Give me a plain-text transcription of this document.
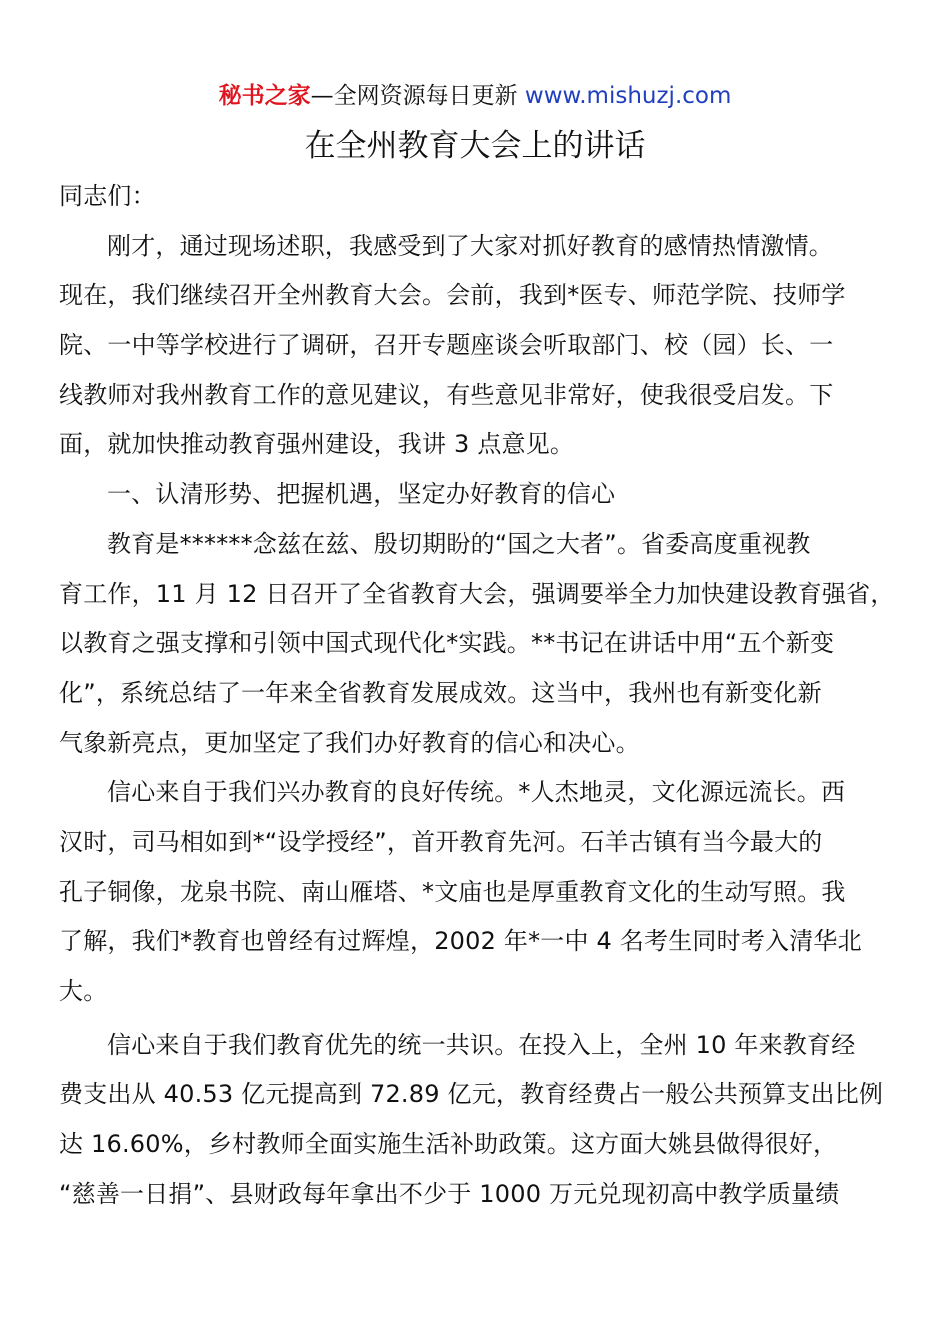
秘书之家—全网资源每日更新 www.mishuzj.com
在全州教育大会上的讲话
同志们：
刚才，通过现场述职，我感受到了大家对抓好教育的感情热情激情。
现在，我们继续召开全州教育大会。会前，我到*医专、师范学院、技师学
院、一中等学校进行了调研，召开专题座谈会听取部门、校（园）长、一
线教师对我州教育工作的意见建议，有些意见非常好，使我很受启发。下
面，就加快推动教育强州建设，我讲 3 点意见。
一、认清形势、把握机遇，坚定办好教育的信心
教育是******念兹在兹、殷切期盼的“国之大者”。省委高度重视教
育工作，11 月 12 日召开了全省教育大会，强调要举全力加快建设教育强省，
以教育之强支撑和引领中国式现代化*实践。**书记在讲话中用“五个新变
化”，系统总结了一年来全省教育发展成效。这当中，我州也有新变化新
气象新亮点，更加坚定了我们办好教育的信心和决心。
信心来自于我们兴办教育的良好传统。*人杰地灵，文化源远流长。西
汉时，司马相如到*“设学授经”，首开教育先河。石羊古镇有当今最大的
孔子铜像，龙泉书院、南山雁塔、*文庙也是厚重教育文化的生动写照。我
了解，我们*教育也曾经有过辉煌，2002 年*一中 4 名考生同时考入清华北
大。
信心来自于我们教育优先的统一共识。在投入上，全州 10 年来教育经
费支出从 40.53 亿元提高到 72.89 亿元，教育经费占一般公共预算支出比例
达 16.60%，乡村教师全面实施生活补助政策。这方面大姚县做得很好，
“慈善一日捐”、县财政每年拿出不少于 1000 万元兑现初高中教学质量绩
